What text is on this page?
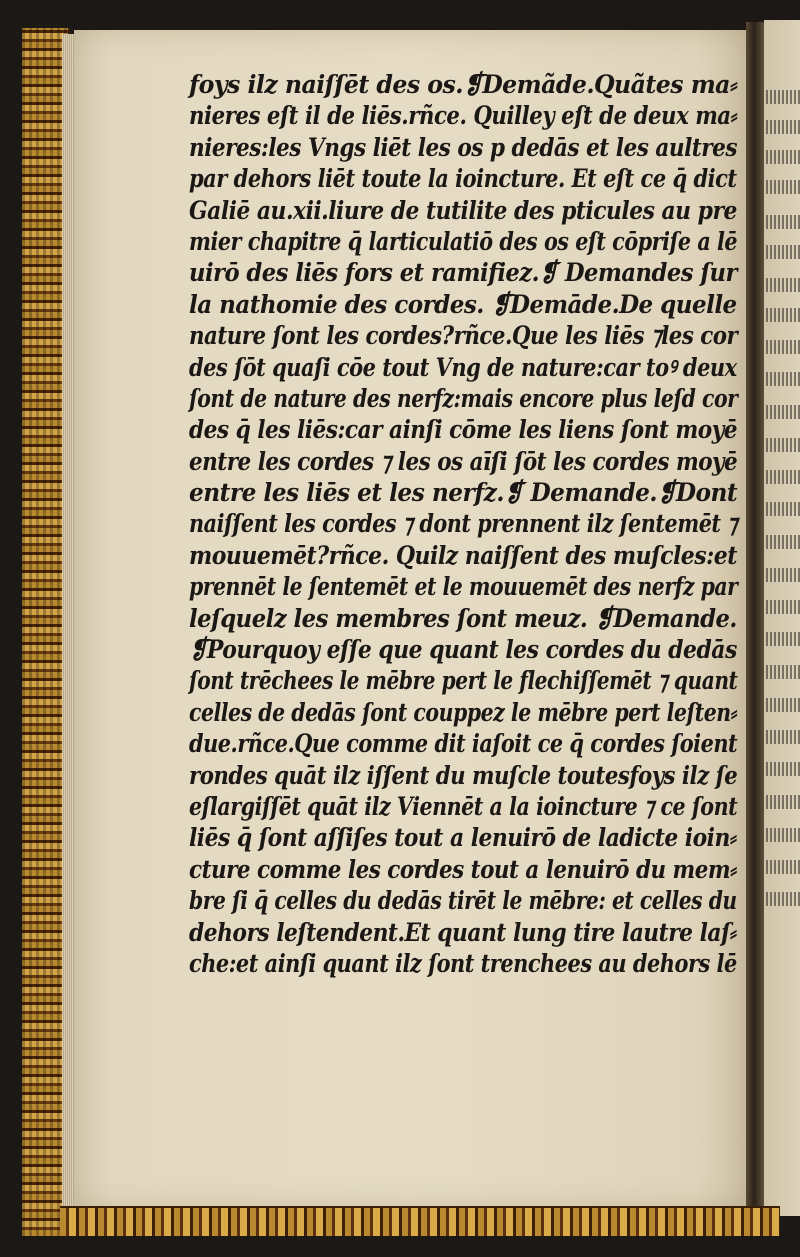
foys ilz naiſſēt des os.❡Demãde.Quãtes ma⸗
nieres eſt il de liēs.rñce. Quilley eſt de deux ma⸗
nieres:les Vngs liēt les os p dedās et les aultres
par dehors liēt toute la ioincture. Et eſt ce q̄ dict
Galiē au.xii.liure de tutilite des pticules au pre
mier chapitre q̄ larticulatiō des os eſt cōpriſe a lē
uirō des liēs fors et ramifiez.❡ Demandes ſur
la nathomie des cordes. ❡Demāde.De quelle
nature ſont les cordes?rñce.Que les liēs ⁊les cor
des ſōt quaſi cōe tout Vng de nature:car toꝰ deux
ſont de nature des nerfz:mais encore plus leſd cor
des q̄ les liēs:car ainſi cōme les liens ſont moyē
entre les cordes ⁊ les os aīſi ſōt les cordes moyē
entre les liēs et les nerfz.❡ Demande.❡Dont
naiſſent les cordes ⁊ dont prennent ilz ſentemēt ⁊
mouuemēt?rñce. Quilz naiſſent des muſcles:et
prennēt le ſentemēt et le mouuemēt des nerfz par
leſquelz les membres ſont meuz. ❡Demande.
❡Pourquoy eſſe que quant les cordes du dedās
ſont trēchees le mēbre pert le flechiſſemēt ⁊ quant
celles de dedās ſont couppez le mēbre pert leſten⸗
due.rñce.Que comme dit iaſoit ce q̄ cordes ſoient
rondes quāt ilz iſſent du muſcle toutesfoys ilz ſe
eſlargiſſēt quāt ilz Viennēt a la ioincture ⁊ ce ſont
liēs q̄ ſont aſſiſes tout a lenuirō de ladicte ioin⸗
cture comme les cordes tout a lenuirō du mem⸗
bre ſi q̄ celles du dedās tirēt le mēbre: et celles du
dehors leſtendent.Et quant lung tire lautre laſ⸗
che:et ainſi quant ilz ſont trenchees au dehors lē
